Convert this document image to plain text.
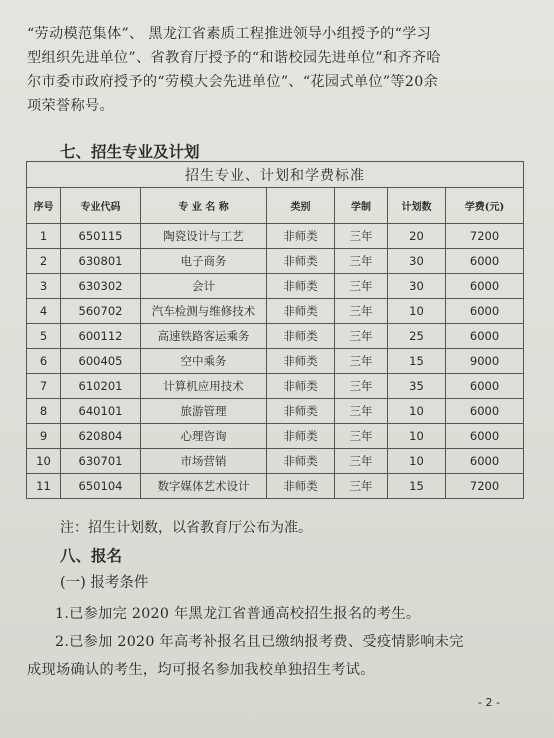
“劳动模范集体”、 黑龙江省素质工程推进领导小组授予的“学习

型组织先进单位”、省教育厅授予的“和谐校园先进单位”和齐齐哈

尔市委市政府授予的“劳模大会先进单位”、“花园式单位”等20余

项荣誉称号。

七、招生专业及计划
招生专业、计划和学费标准						
序号	专业代码	专 业 名 称	类别	学制	计划数	学费(元)
1	650115	陶瓷设计与工艺	非师类	三年	20	7200
2	630801	电子商务	非师类	三年	30	6000
3	630302	会计	非师类	三年	30	6000
4	560702	汽车检测与维修技术	非师类	三年	10	6000
5	600112	高速铁路客运乘务	非师类	三年	25	6000
6	600405	空中乘务	非师类	三年	15	9000
7	610201	计算机应用技术	非师类	三年	35	6000
8	640101	旅游管理	非师类	三年	10	6000
9	620804	心理咨询	非师类	三年	10	6000
10	630701	市场营销	非师类	三年	10	6000
11	650104	数字媒体艺术设计	非师类	三年	15	7200
注：招生计划数，以省教育厅公布为准。
八、报名
(一) 报考条件

1.已参加完 2020 年黑龙江省普通高校招生报名的考生。

2.已参加 2020 年高考补报名且已缴纳报考费、受疫情影响未完

成现场确认的考生，均可报名参加我校单独招生考试。

- 2 -
